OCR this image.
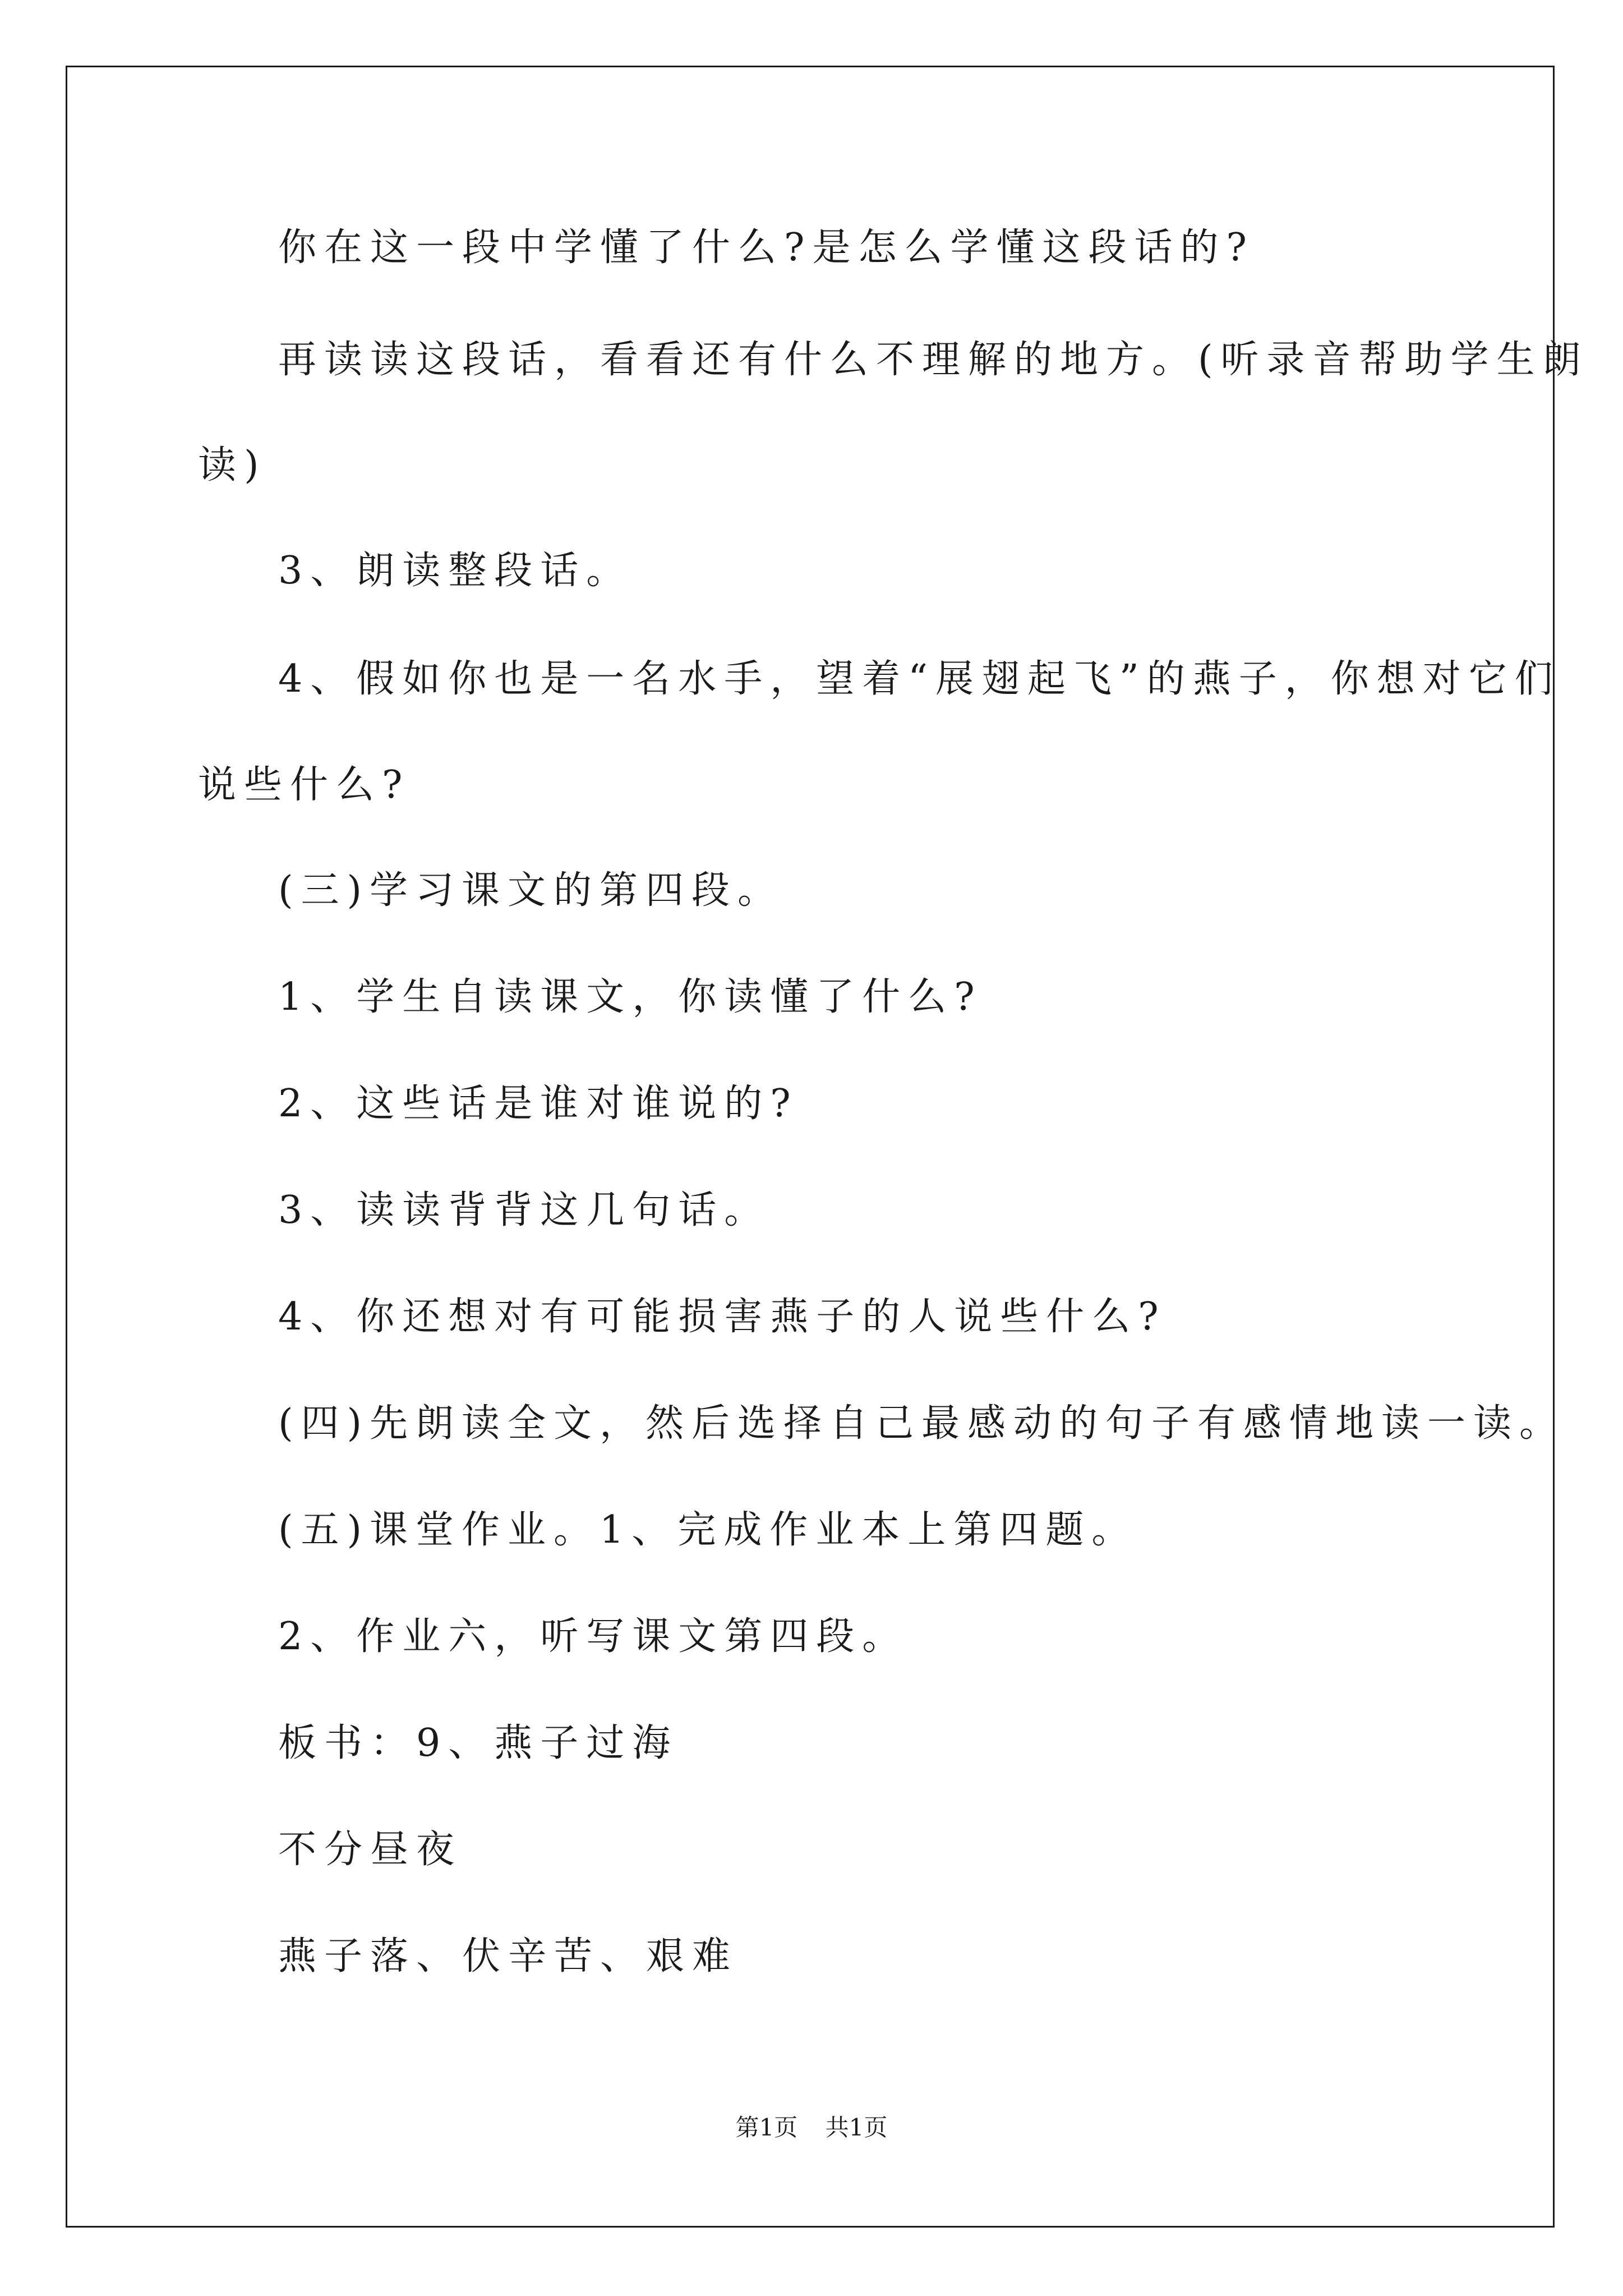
你在这一段中学懂了什么?是怎么学懂这段话的?

再读读这段话，看看还有什么不理解的地方。(听录音帮助学生朗

读)

3、朗读整段话。

4、假如你也是一名水手，望着“展翅起飞”的燕子，你想对它们

说些什么?

(三)学习课文的第四段。

1、学生自读课文，你读懂了什么?

2、这些话是谁对谁说的?

3、读读背背这几句话。

4、你还想对有可能损害燕子的人说些什么?

(四)先朗读全文，然后选择自己最感动的句子有感情地读一读。

(五)课堂作业。1、完成作业本上第四题。

2、作业六，听写课文第四段。

板书：9、燕子过海

不分昼夜

燕子落、伏辛苦、艰难

第1页 共1页
